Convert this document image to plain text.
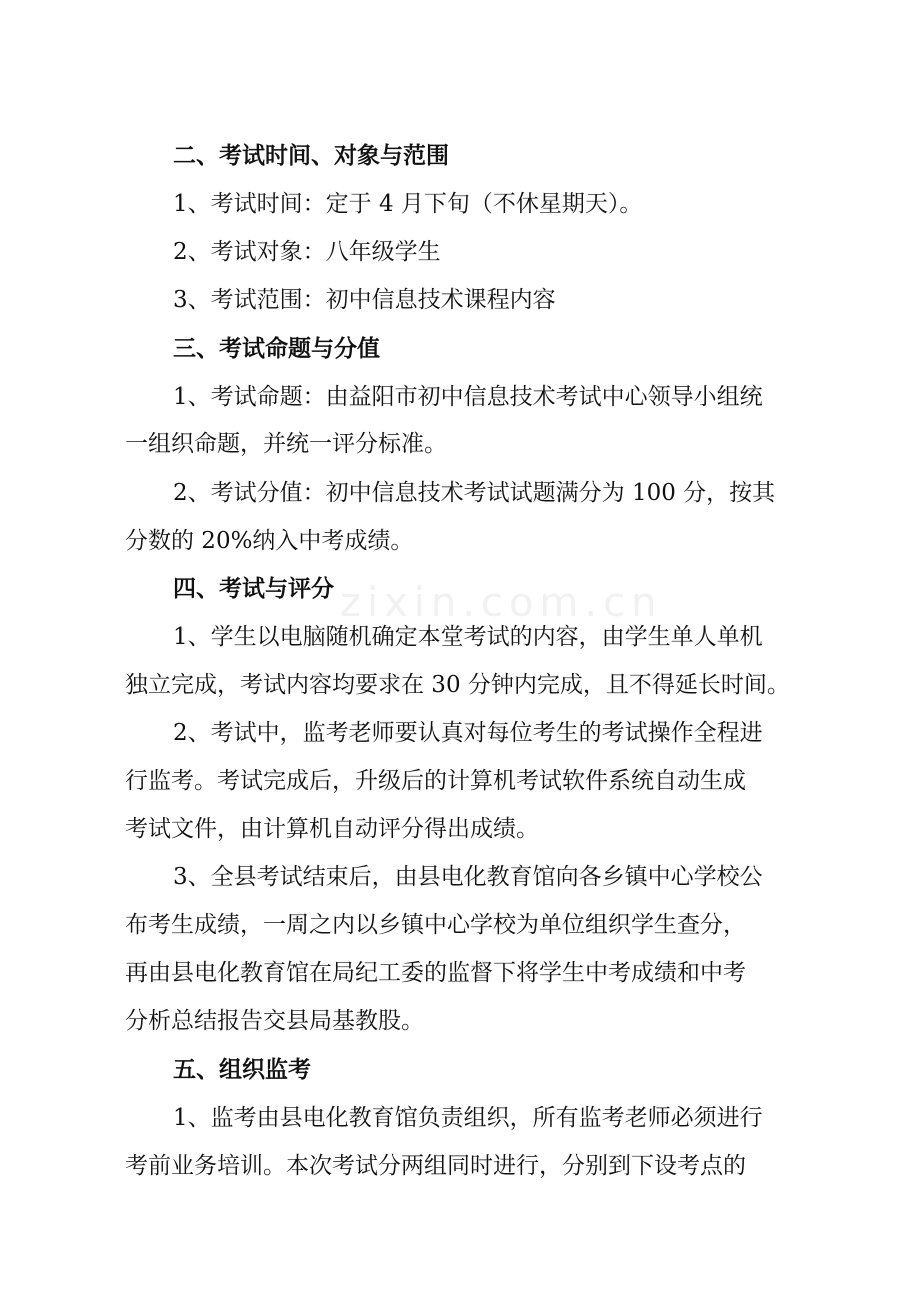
zixin.com.cn
二、考试时间、对象与范围
1、考试时间：定于 4 月下旬（不休星期天）。
2、考试对象：八年级学生
3、考试范围：初中信息技术课程内容
三、考试命题与分值
1、考试命题：由益阳市初中信息技术考试中心领导小组统
一组织命题，并统一评分标准。
2、考试分值：初中信息技术考试试题满分为 100 分，按其
分数的 20%纳入中考成绩。
四、考试与评分
1、学生以电脑随机确定本堂考试的内容，由学生单人单机
独立完成，考试内容均要求在 30 分钟内完成，且不得延长时间。
2、考试中，监考老师要认真对每位考生的考试操作全程进
行监考。考试完成后，升级后的计算机考试软件系统自动生成
考试文件，由计算机自动评分得出成绩。
3、全县考试结束后，由县电化教育馆向各乡镇中心学校公
布考生成绩，一周之内以乡镇中心学校为单位组织学生查分，
再由县电化教育馆在局纪工委的监督下将学生中考成绩和中考
分析总结报告交县局基教股。
五、组织监考
1、监考由县电化教育馆负责组织，所有监考老师必须进行
考前业务培训。本次考试分两组同时进行，分别到下设考点的
